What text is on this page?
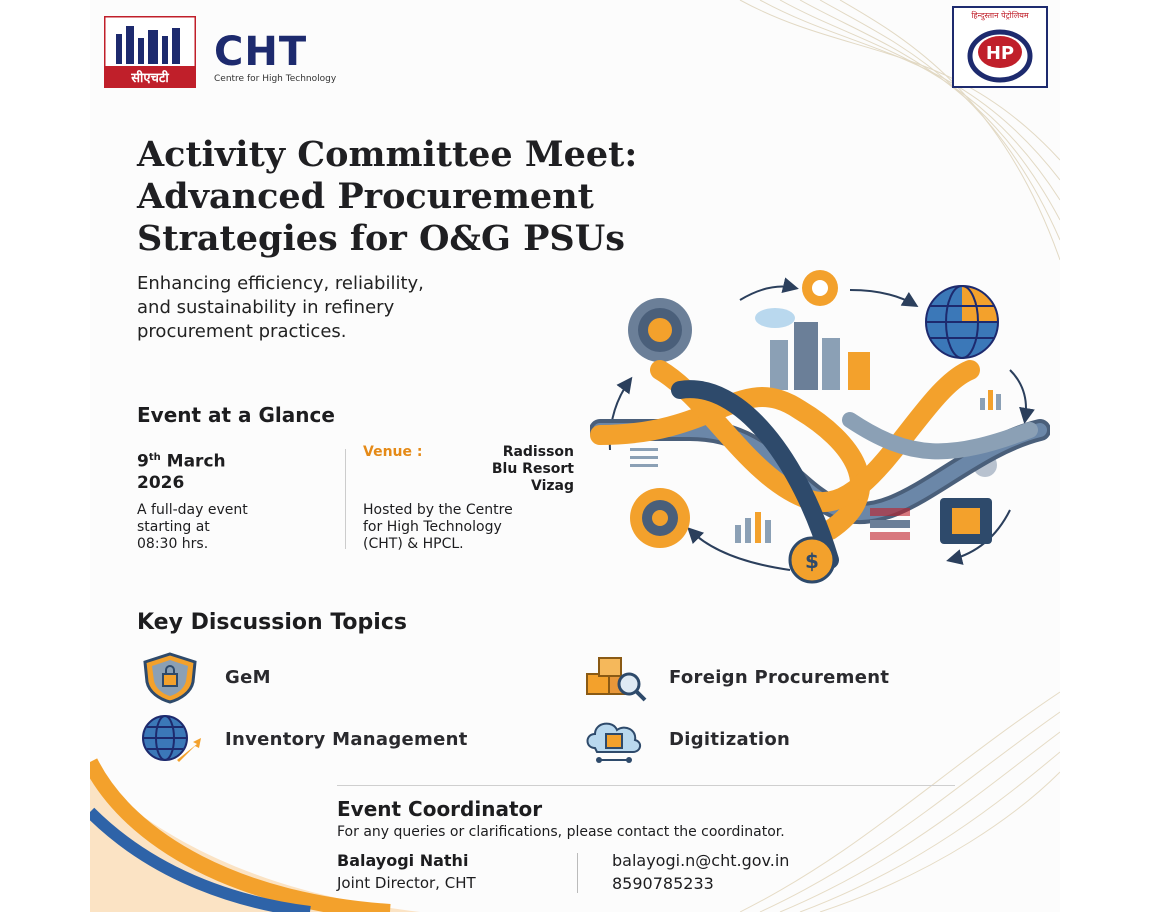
सीएचटी
CHT
Centre for High Technology
हिन्दुस्तान पेट्रोलियम
HP
Activity Committee Meet:
Advanced Procurement
Strategies for O&G PSUs
Enhancing efficiency, reliability,
and sustainability in refinery
procurement practices.
Event at a Glance
9th March
2026
A full-day event
starting at
08:30 hrs.
Venue :	Radisson
Blu Resort
Vizag
Hosted by the Centre
for High Technology
(CHT) & HPCL.
$
Key Discussion Topics
GeM	Foreign Procurement
Inventory Management	Digitization
Event Coordinator
For any queries or clarifications, please contact the coordinator.
Balayogi Nathi
Joint Director, CHT
balayogi.n@cht.gov.in
8590785233
